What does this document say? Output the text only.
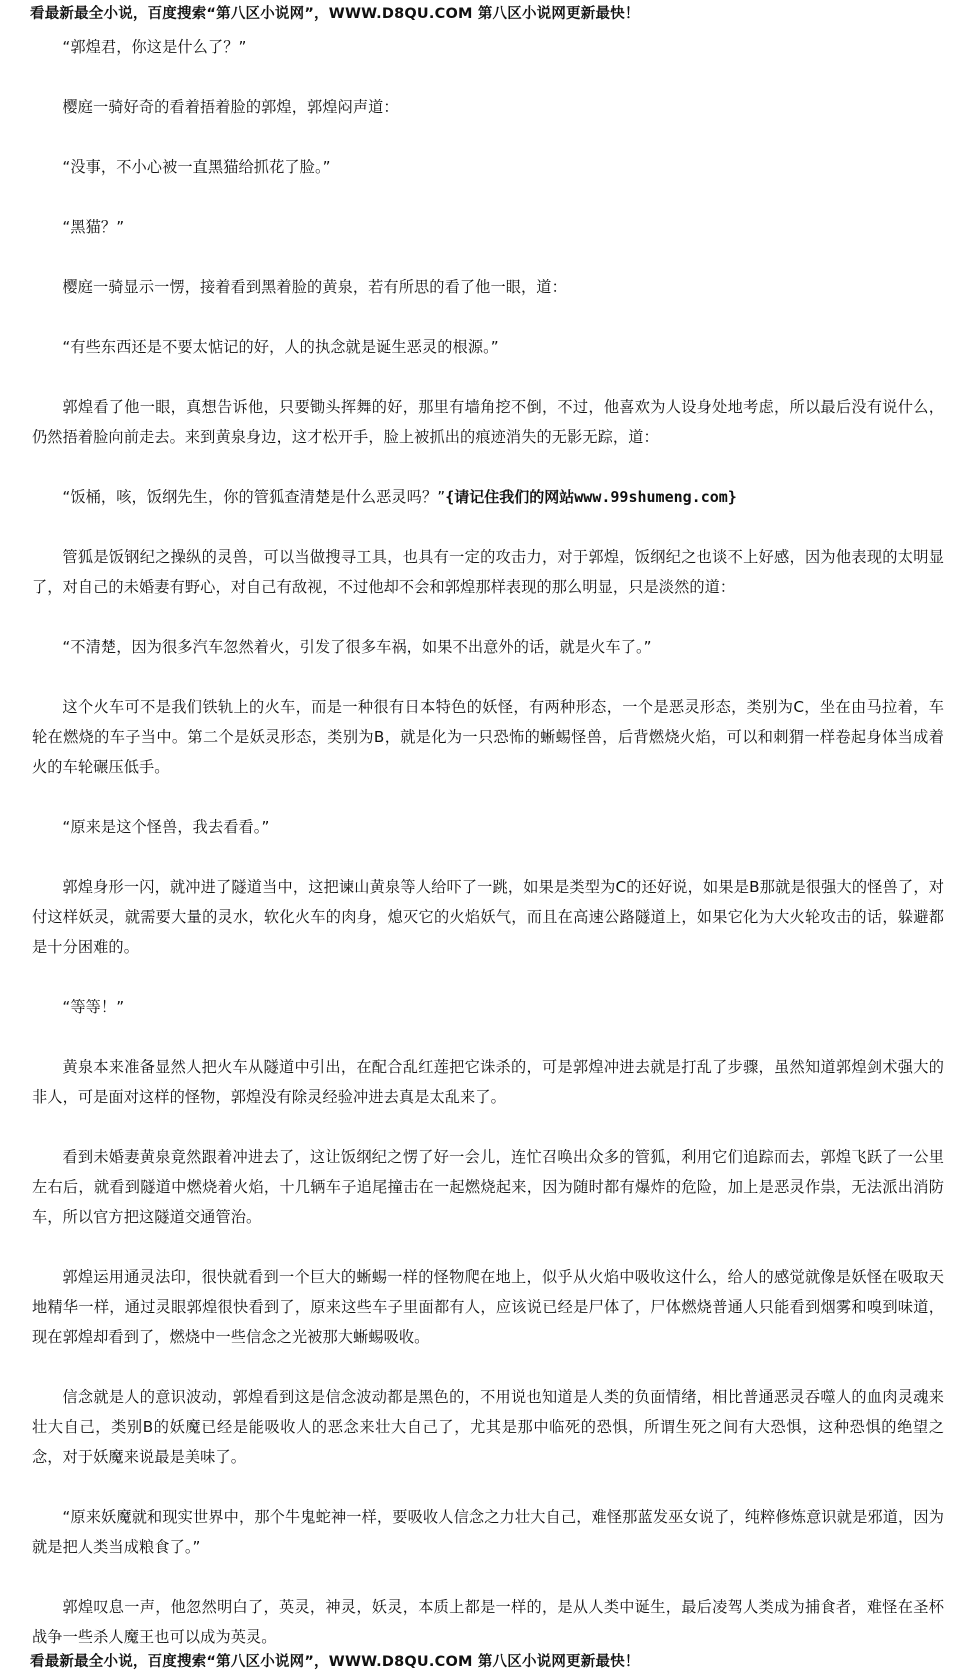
看最新最全小说，百度搜索“第八区小说网”，WWW.D8QU.COM 第八区小说网更新最快！

“郭煌君，你这是什么了？”

樱庭一骑好奇的看着捂着脸的郭煌，郭煌闷声道：

“没事，不小心被一直黑猫给抓花了脸。”

“黑猫？”

樱庭一骑显示一愣，接着看到黑着脸的黄泉，若有所思的看了他一眼，道：

“有些东西还是不要太惦记的好，人的执念就是诞生恶灵的根源。”

郭煌看了他一眼，真想告诉他，只要锄头挥舞的好，那里有墙角挖不倒，不过，他喜欢为人设身处地考虑，所以最后没有说什么，仍然捂着脸向前走去。来到黄泉身边，这才松开手，脸上被抓出的痕迹消失的无影无踪，道：

“饭桶，咳，饭纲先生，你的管狐查清楚是什么恶灵吗？”{请记住我们的网站www.99shumeng.com}

管狐是饭钢纪之操纵的灵兽，可以当做搜寻工具，也具有一定的攻击力，对于郭煌，饭纲纪之也谈不上好感，因为他表现的太明显了，对自己的未婚妻有野心，对自己有敌视，不过他却不会和郭煌那样表现的那么明显，只是淡然的道：

“不清楚，因为很多汽车忽然着火，引发了很多车祸，如果不出意外的话，就是火车了。”

这个火车可不是我们铁轨上的火车，而是一种很有日本特色的妖怪，有两种形态，一个是恶灵形态，类别为C，坐在由马拉着，车轮在燃烧的车子当中。第二个是妖灵形态，类别为B，就是化为一只恐怖的蜥蜴怪兽，后背燃烧火焰，可以和刺猬一样卷起身体当成着火的车轮碾压低手。

“原来是这个怪兽，我去看看。”

郭煌身形一闪，就冲进了隧道当中，这把谏山黄泉等人给吓了一跳，如果是类型为C的还好说，如果是B那就是很强大的怪兽了，对付这样妖灵，就需要大量的灵水，软化火车的肉身，熄灭它的火焰妖气，而且在高速公路隧道上，如果它化为大火轮攻击的话，躲避都是十分困难的。

“等等！”

黄泉本来准备显然人把火车从隧道中引出，在配合乱红莲把它诛杀的，可是郭煌冲进去就是打乱了步骤，虽然知道郭煌剑术强大的非人，可是面对这样的怪物，郭煌没有除灵经验冲进去真是太乱来了。

看到未婚妻黄泉竟然跟着冲进去了，这让饭纲纪之愣了好一会儿，连忙召唤出众多的管狐，利用它们追踪而去，郭煌飞跃了一公里左右后，就看到隧道中燃烧着火焰，十几辆车子追尾撞击在一起燃烧起来，因为随时都有爆炸的危险，加上是恶灵作祟，无法派出消防车，所以官方把这隧道交通管治。

郭煌运用通灵法印，很快就看到一个巨大的蜥蜴一样的怪物爬在地上，似乎从火焰中吸收这什么，给人的感觉就像是妖怪在吸取天地精华一样，通过灵眼郭煌很快看到了，原来这些车子里面都有人，应该说已经是尸体了，尸体燃烧普通人只能看到烟雾和嗅到味道，现在郭煌却看到了，燃烧中一些信念之光被那大蜥蜴吸收。

信念就是人的意识波动，郭煌看到这是信念波动都是黑色的，不用说也知道是人类的负面情绪，相比普通恶灵吞噬人的血肉灵魂来壮大自己，类别B的妖魔已经是能吸收人的恶念来壮大自己了，尤其是那中临死的恐惧，所谓生死之间有大恐惧，这种恐惧的绝望之念，对于妖魔来说最是美味了。

“原来妖魔就和现实世界中，那个牛鬼蛇神一样，要吸收人信念之力壮大自己，难怪那蓝发巫女说了，纯粹修炼意识就是邪道，因为就是把人类当成粮食了。”

郭煌叹息一声，他忽然明白了，英灵，神灵，妖灵，本质上都是一样的，是从人类中诞生，最后凌驾人类成为捕食者，难怪在圣杯战争一些杀人魔王也可以成为英灵。

看最新最全小说，百度搜索“第八区小说网”，WWW.D8QU.COM 第八区小说网更新最快！
